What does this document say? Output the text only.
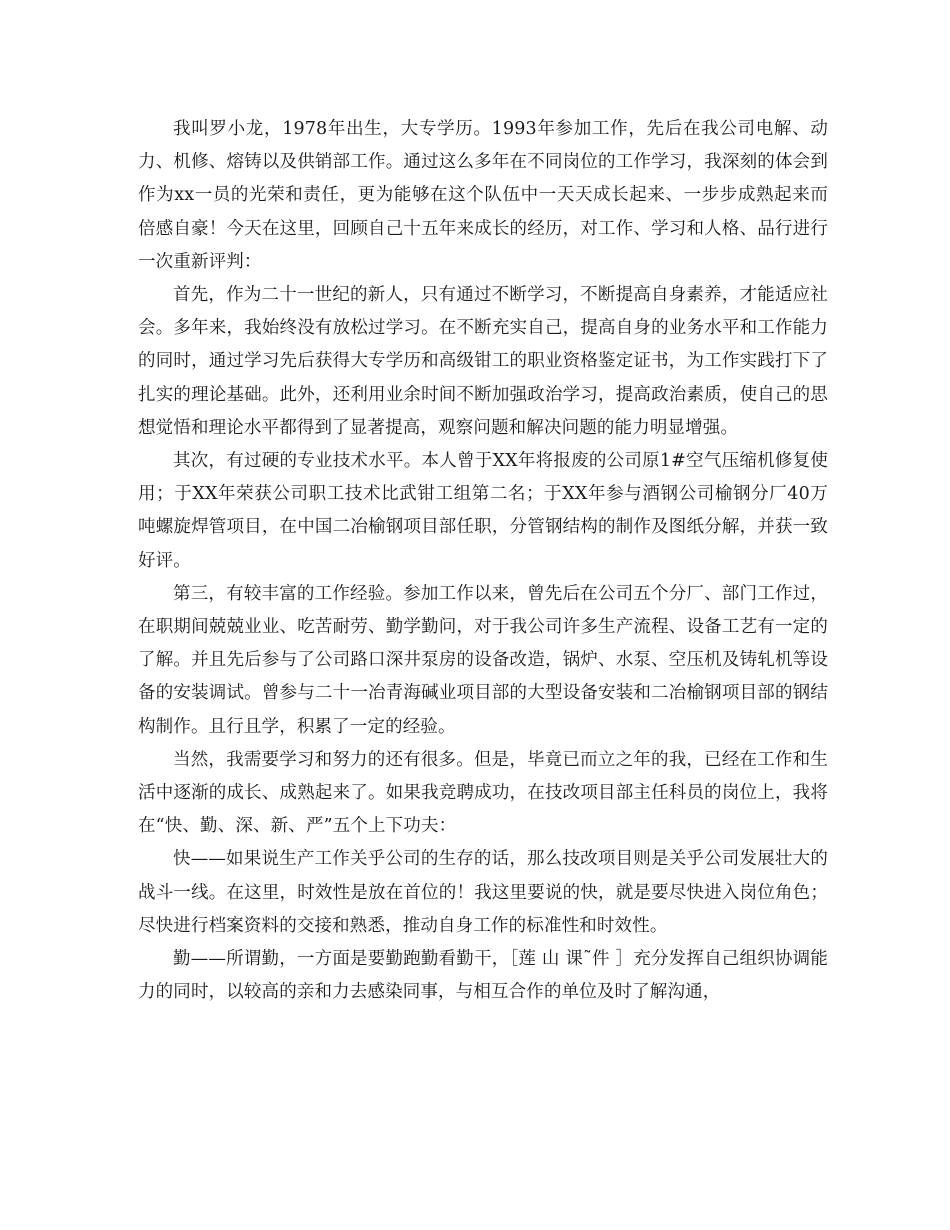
我叫罗小龙，1978年出生，大专学历。1993年参加工作，先后在我公司电解、动力、机修、熔铸以及供销部工作。通过这么多年在不同岗位的工作学习，我深刻的体会到作为xx一员的光荣和责任，更为能够在这个队伍中一天天成长起来、一步步成熟起来而倍感自豪！今天在这里，回顾自己十五年来成长的经历，对工作、学习和人格、品行进行一次重新评判：

首先，作为二十一世纪的新人，只有通过不断学习，不断提高自身素养，才能适应社会。多年来，我始终没有放松过学习。在不断充实自己，提高自身的业务水平和工作能力的同时，通过学习先后获得大专学历和高级钳工的职业资格鉴定证书，为工作实践打下了扎实的理论基础。此外，还利用业余时间不断加强政治学习，提高政治素质，使自己的思想觉悟和理论水平都得到了显著提高，观察问题和解决问题的能力明显增强。

其次，有过硬的专业技术水平。本人曾于XX年将报废的公司原1#空气压缩机修复使用；于XX年荣获公司职工技术比武钳工组第二名；于XX年参与酒钢公司榆钢分厂40万吨螺旋焊管项目，在中国二冶榆钢项目部任职，分管钢结构的制作及图纸分解，并获一致好评。

第三，有较丰富的工作经验。参加工作以来，曾先后在公司五个分厂、部门工作过，在职期间兢兢业业、吃苦耐劳、勤学勤问，对于我公司许多生产流程、设备工艺有一定的了解。并且先后参与了公司路口深井泵房的设备改造，锅炉、水泵、空压机及铸轧机等设备的安装调试。曾参与二十一冶青海碱业项目部的大型设备安装和二冶榆钢项目部的钢结构制作。且行且学，积累了一定的经验。

当然，我需要学习和努力的还有很多。但是，毕竟已而立之年的我，已经在工作和生活中逐渐的成长、成熟起来了。如果我竞聘成功，在技改项目部主任科员的岗位上，我将在“快、勤、深、新、严”五个上下功夫：

快——如果说生产工作关乎公司的生存的话，那么技改项目则是关乎公司发展壮大的战斗一线。在这里，时效性是放在首位的！我这里要说的快，就是要尽快进入岗位角色；尽快进行档案资料的交接和熟悉，推动自身工作的标准性和时效性。

勤——所谓勤，一方面是要勤跑勤看勤干，［莲 山 课˜件 ］充分发挥自己组织协调能力的同时，以较高的亲和力去感染同事，与相互合作的单位及时了解沟通，
